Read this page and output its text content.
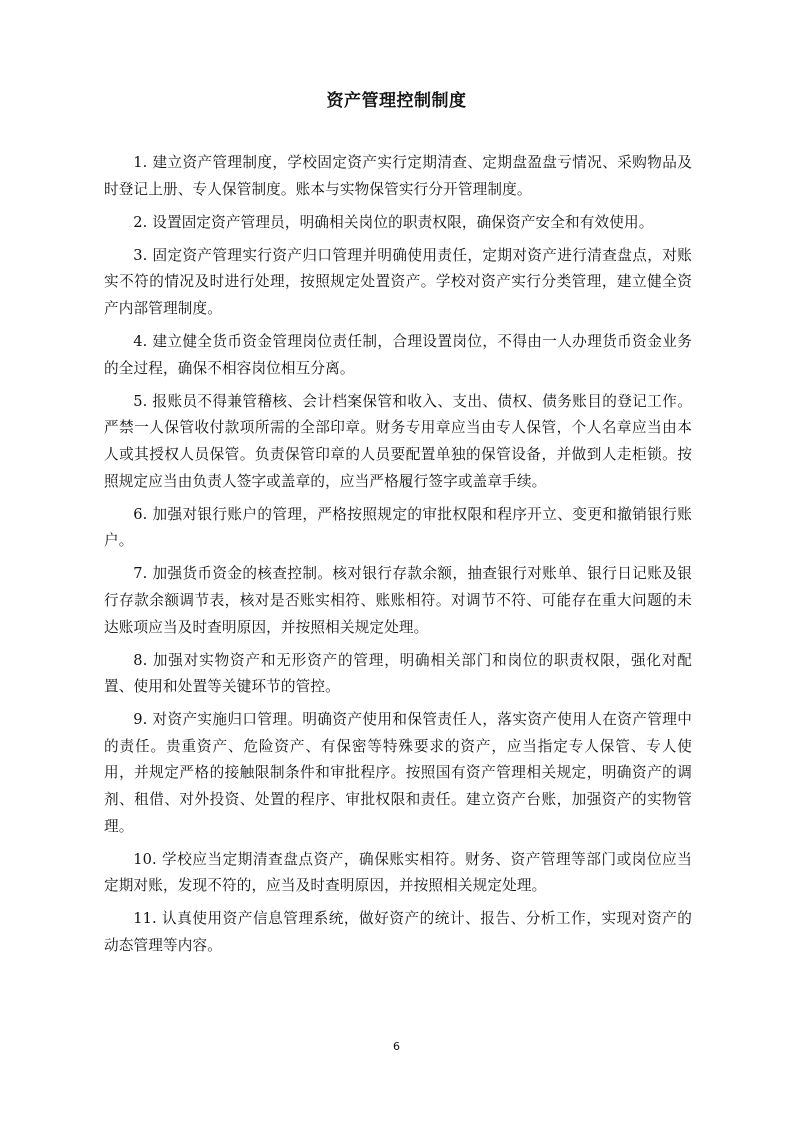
资产管理控制制度

1. 建立资产管理制度，学校固定资产实行定期清查、定期盘盈盘亏情况、采购物品及时登记上册、专人保管制度。账本与实物保管实行分开管理制度。

2. 设置固定资产管理员，明确相关岗位的职责权限，确保资产安全和有效使用。

3. 固定资产管理实行资产归口管理并明确使用责任，定期对资产进行清查盘点，对账实不符的情况及时进行处理，按照规定处置资产。学校对资产实行分类管理，建立健全资产内部管理制度。

4. 建立健全货币资金管理岗位责任制，合理设置岗位，不得由一人办理货币资金业务的全过程，确保不相容岗位相互分离。

5. 报账员不得兼管稽核、会计档案保管和收入、支出、债权、债务账目的登记工作。严禁一人保管收付款项所需的全部印章。财务专用章应当由专人保管，个人名章应当由本人或其授权人员保管。负责保管印章的人员要配置单独的保管设备，并做到人走柜锁。按照规定应当由负责人签字或盖章的，应当严格履行签字或盖章手续。

6. 加强对银行账户的管理，严格按照规定的审批权限和程序开立、变更和撤销银行账户。

7. 加强货币资金的核查控制。核对银行存款余额，抽查银行对账单、银行日记账及银行存款余额调节表，核对是否账实相符、账账相符。对调节不符、可能存在重大问题的未达账项应当及时查明原因，并按照相关规定处理。

8. 加强对实物资产和无形资产的管理，明确相关部门和岗位的职责权限，强化对配置、使用和处置等关键环节的管控。

9. 对资产实施归口管理。明确资产使用和保管责任人，落实资产使用人在资产管理中的责任。贵重资产、危险资产、有保密等特殊要求的资产，应当指定专人保管、专人使用，并规定严格的接触限制条件和审批程序。按照国有资产管理相关规定，明确资产的调剂、租借、对外投资、处置的程序、审批权限和责任。建立资产台账，加强资产的实物管理。

10. 学校应当定期清查盘点资产，确保账实相符。财务、资产管理等部门或岗位应当定期对账，发现不符的，应当及时查明原因，并按照相关规定处理。

11. 认真使用资产信息管理系统，做好资产的统计、报告、分析工作，实现对资产的动态管理等内容。

6
